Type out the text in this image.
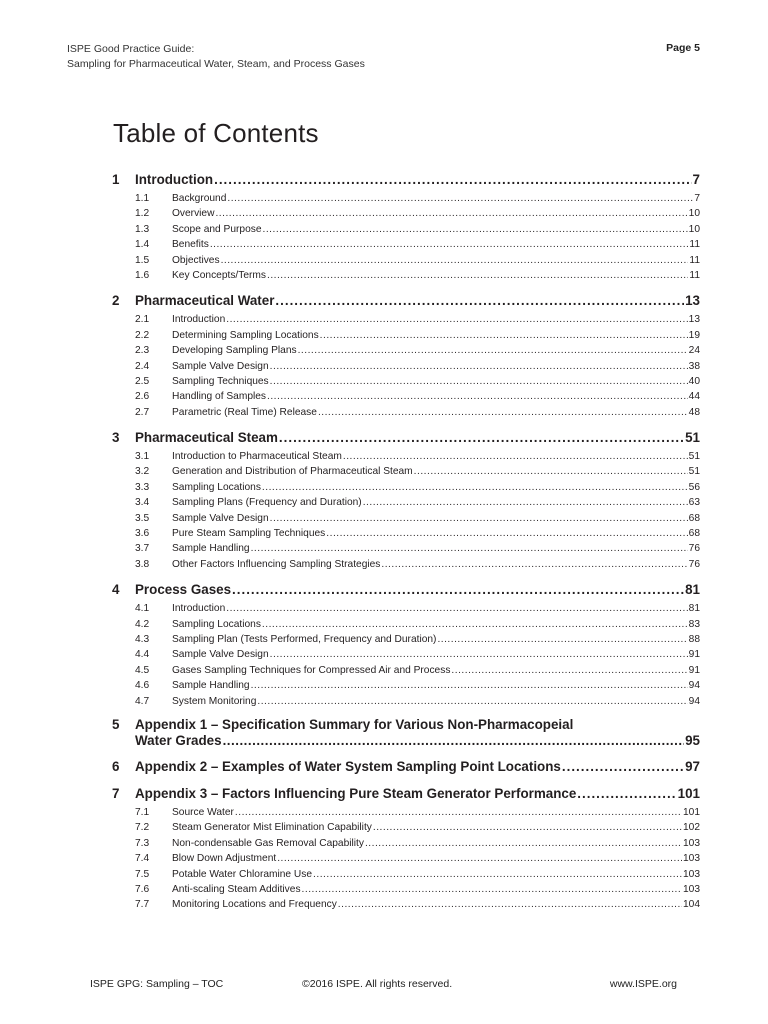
ISPE Good Practice Guide:
Sampling for Pharmaceutical Water, Steam, and Process Gases
Page 5
Table of Contents
1	Introduction .....	7
1.1	Background .....	7
1.2	Overview .....	10
1.3	Scope and Purpose .....	10
1.4	Benefits .....	11
1.5	Objectives .....	11
1.6	Key Concepts/Terms .....	11
2	Pharmaceutical Water .....	13
2.1	Introduction .....	13
2.2	Determining Sampling Locations .....	19
2.3	Developing Sampling Plans .....	24
2.4	Sample Valve Design .....	38
2.5	Sampling Techniques .....	40
2.6	Handling of Samples .....	44
2.7	Parametric (Real Time) Release .....	48
3	Pharmaceutical Steam .....	51
3.1	Introduction to Pharmaceutical Steam .....	51
3.2	Generation and Distribution of Pharmaceutical Steam .....	51
3.3	Sampling Locations .....	56
3.4	Sampling Plans (Frequency and Duration) .....	63
3.5	Sample Valve Design .....	68
3.6	Pure Steam Sampling Techniques .....	68
3.7	Sample Handling .....	76
3.8	Other Factors Influencing Sampling Strategies .....	76
4	Process Gases .....	81
4.1	Introduction .....	81
4.2	Sampling Locations .....	83
4.3	Sampling Plan (Tests Performed, Frequency and Duration) .....	88
4.4	Sample Valve Design .....	91
4.5	Gases Sampling Techniques for Compressed Air and Process .....	91
4.6	Sample Handling .....	94
4.7	System Monitoring .....	94
5	Appendix 1 – Specification Summary for Various Non-Pharmacopeial
Water Grades .....	95
6	Appendix 2 – Examples of Water System Sampling Point Locations .....	97
7	Appendix 3 – Factors Influencing Pure Steam Generator Performance .....	101
7.1	Source Water .....	101
7.2	Steam Generator Mist Elimination Capability .....	102
7.3	Non-condensable Gas Removal Capability .....	103
7.4	Blow Down Adjustment .....	103
7.5	Potable Water Chloramine Use .....	103
7.6	Anti-scaling Steam Additives .....	103
7.7	Monitoring Locations and Frequency .....	104
ISPE GPG: Sampling – TOC	©2016 ISPE. All rights reserved.	www.ISPE.org
